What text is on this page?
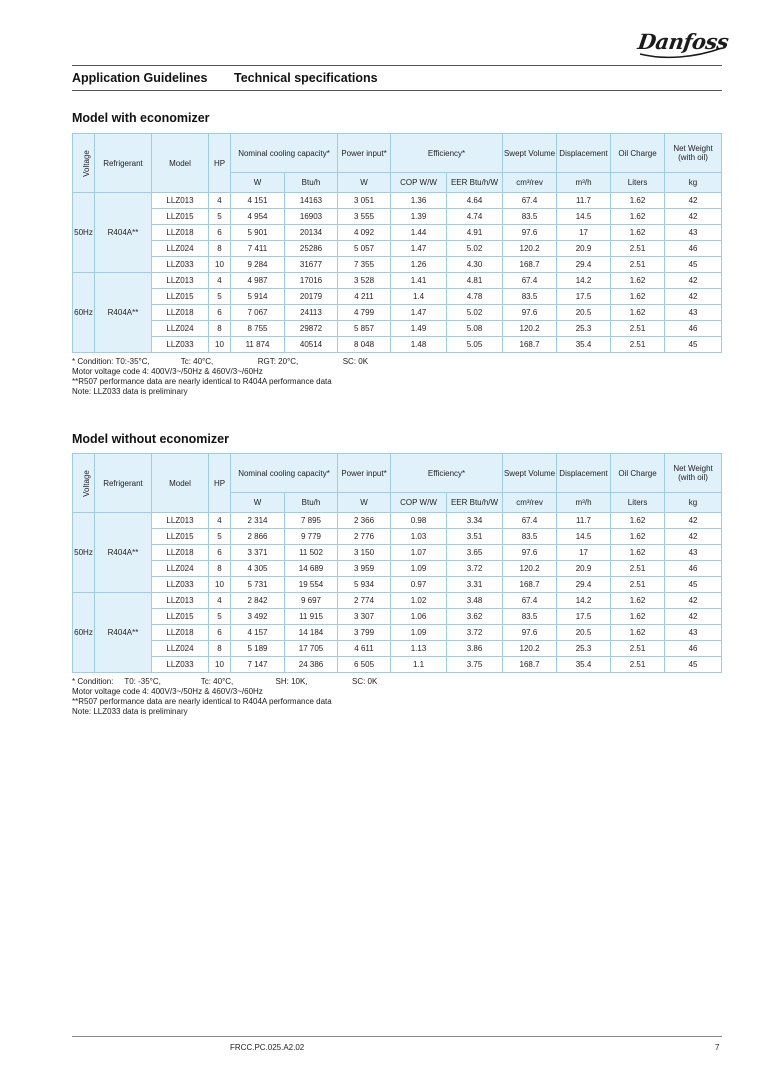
Danfoss
Application Guidelines Technical specifications
Model with economizer
Voltage	Refrigerant	Model	HP	Nominal cooling capacity*		Power input*	Efficiency*		Swept Volume	Displacement	Oil Charge	Net Weight (with oil)
				W	Btu/h	W	COP W/W	EER Btu/h/W	cm³/rev	m³/h	Liters	kg
50Hz	R404A**	LLZ013	4	4 151	14163	3 051	1.36	4.64	67.4	11.7	1.62	42
		LLZ015	5	4 954	16903	3 555	1.39	4.74	83.5	14.5	1.62	42
		LLZ018	6	5 901	20134	4 092	1.44	4.91	97.6	17	1.62	43
		LLZ024	8	7 411	25286	5 057	1.47	5.02	120.2	20.9	2.51	46
		LLZ033	10	9 284	31677	7 355	1.26	4.30	168.7	29.4	2.51	45
60Hz	R404A**	LLZ013	4	4 987	17016	3 528	1.41	4.81	67.4	14.2	1.62	42
		LLZ015	5	5 914	20179	4 211	1.4	4.78	83.5	17.5	1.62	42
		LLZ018	6	7 067	24113	4 799	1.47	5.02	97.6	20.5	1.62	43
		LLZ024	8	8 755	29872	5 857	1.49	5.08	120.2	25.3	2.51	46
		LLZ033	10	11 874	40514	8 048	1.48	5.05	168.7	35.4	2.51	45
* Condition: T0:-35°C,              Tc: 40°C,                    RGT: 20°C,                    SC: 0K
Motor voltage code 4: 400V/3~/50Hz & 460V/3~/60Hz
**R507 performance data are nearly identical to R404A performance data
Note: LLZ033 data is preliminary
Model without economizer
Voltage	Refrigerant	Model	HP	Nominal cooling capacity*		Power input*	Efficiency*		Swept Volume	Displacement	Oil Charge	Net Weight (with oil)
				W	Btu/h	W	COP W/W	EER Btu/h/W	cm³/rev	m³/h	Liters	kg
50Hz	R404A**	LLZ013	4	2 314	7 895	2 366	0.98	3.34	67.4	11.7	1.62	42
		LLZ015	5	2 866	9 779	2 776	1.03	3.51	83.5	14.5	1.62	42
		LLZ018	6	3 371	11 502	3 150	1.07	3.65	97.6	17	1.62	43
		LLZ024	8	4 305	14 689	3 959	1.09	3.72	120.2	20.9	2.51	46
		LLZ033	10	5 731	19 554	5 934	0.97	3.31	168.7	29.4	2.51	45
60Hz	R404A**	LLZ013	4	2 842	9 697	2 774	1.02	3.48	67.4	14.2	1.62	42
		LLZ015	5	3 492	11 915	3 307	1.06	3.62	83.5	17.5	1.62	42
		LLZ018	6	4 157	14 184	3 799	1.09	3.72	97.6	20.5	1.62	43
		LLZ024	8	5 189	17 705	4 611	1.13	3.86	120.2	25.3	2.51	46
		LLZ033	10	7 147	24 386	6 505	1.1	3.75	168.7	35.4	2.51	45
* Condition:     T0: -35°C,                  Tc: 40°C,                   SH: 10K,                    SC: 0K
Motor voltage code 4: 400V/3~/50Hz & 460V/3~/60Hz
**R507 performance data are nearly identical to R404A performance data
Note: LLZ033 data is preliminary
FRCC.PC.025.A2.02	7
